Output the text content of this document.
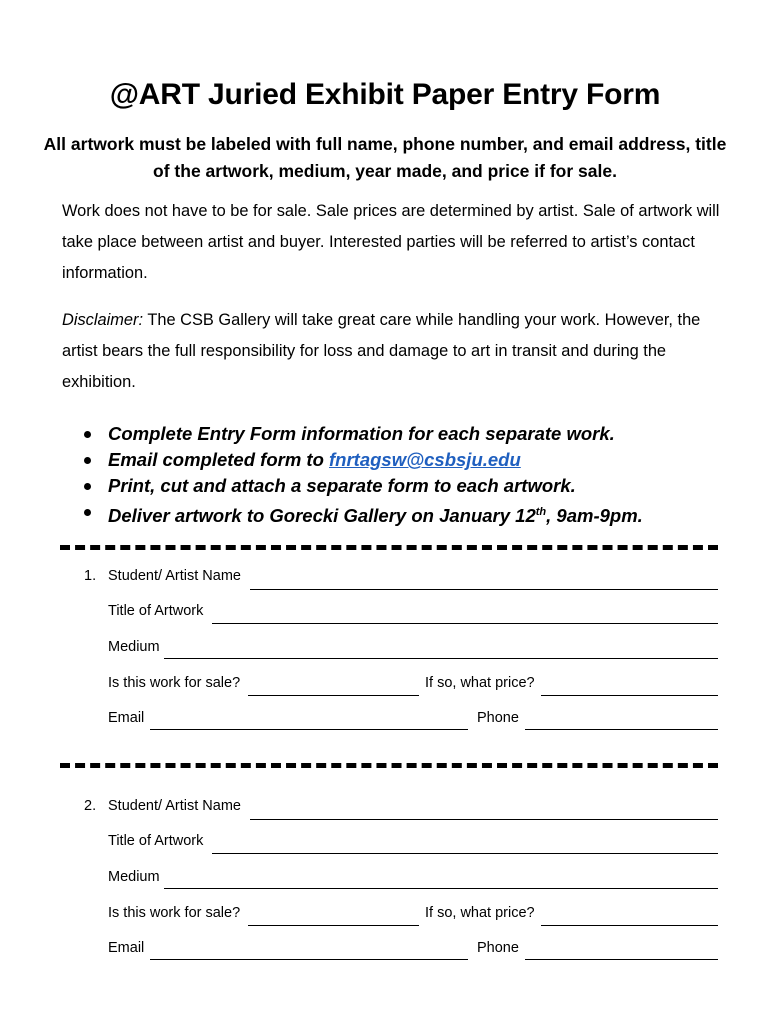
@ART Juried Exhibit Paper Entry Form

All artwork must be labeled with full name, phone number, and email address, title of the artwork, medium, year made, and price if for sale.

Work does not have to be for sale. Sale prices are determined by artist. Sale of artwork will take place between artist and buyer. Interested parties will be referred to artist’s contact information.

Disclaimer: The CSB Gallery will take great care while handling your work. However, the artist bears the full responsibility for loss and damage to art in transit and during the exhibition.

Complete Entry Form information for each separate work.
Email completed form to fnrtagsw@csbsju.edu
Print, cut and attach a separate form to each artwork.
Deliver artwork to Gorecki Gallery on January 12th, 9am-9pm.
1. Student/ Artist Name
Title of Artwork
Medium
Is this work for sale?	If so, what price?
Email	Phone
2. Student/ Artist Name
Title of Artwork
Medium
Is this work for sale?	If so, what price?
Email	Phone
